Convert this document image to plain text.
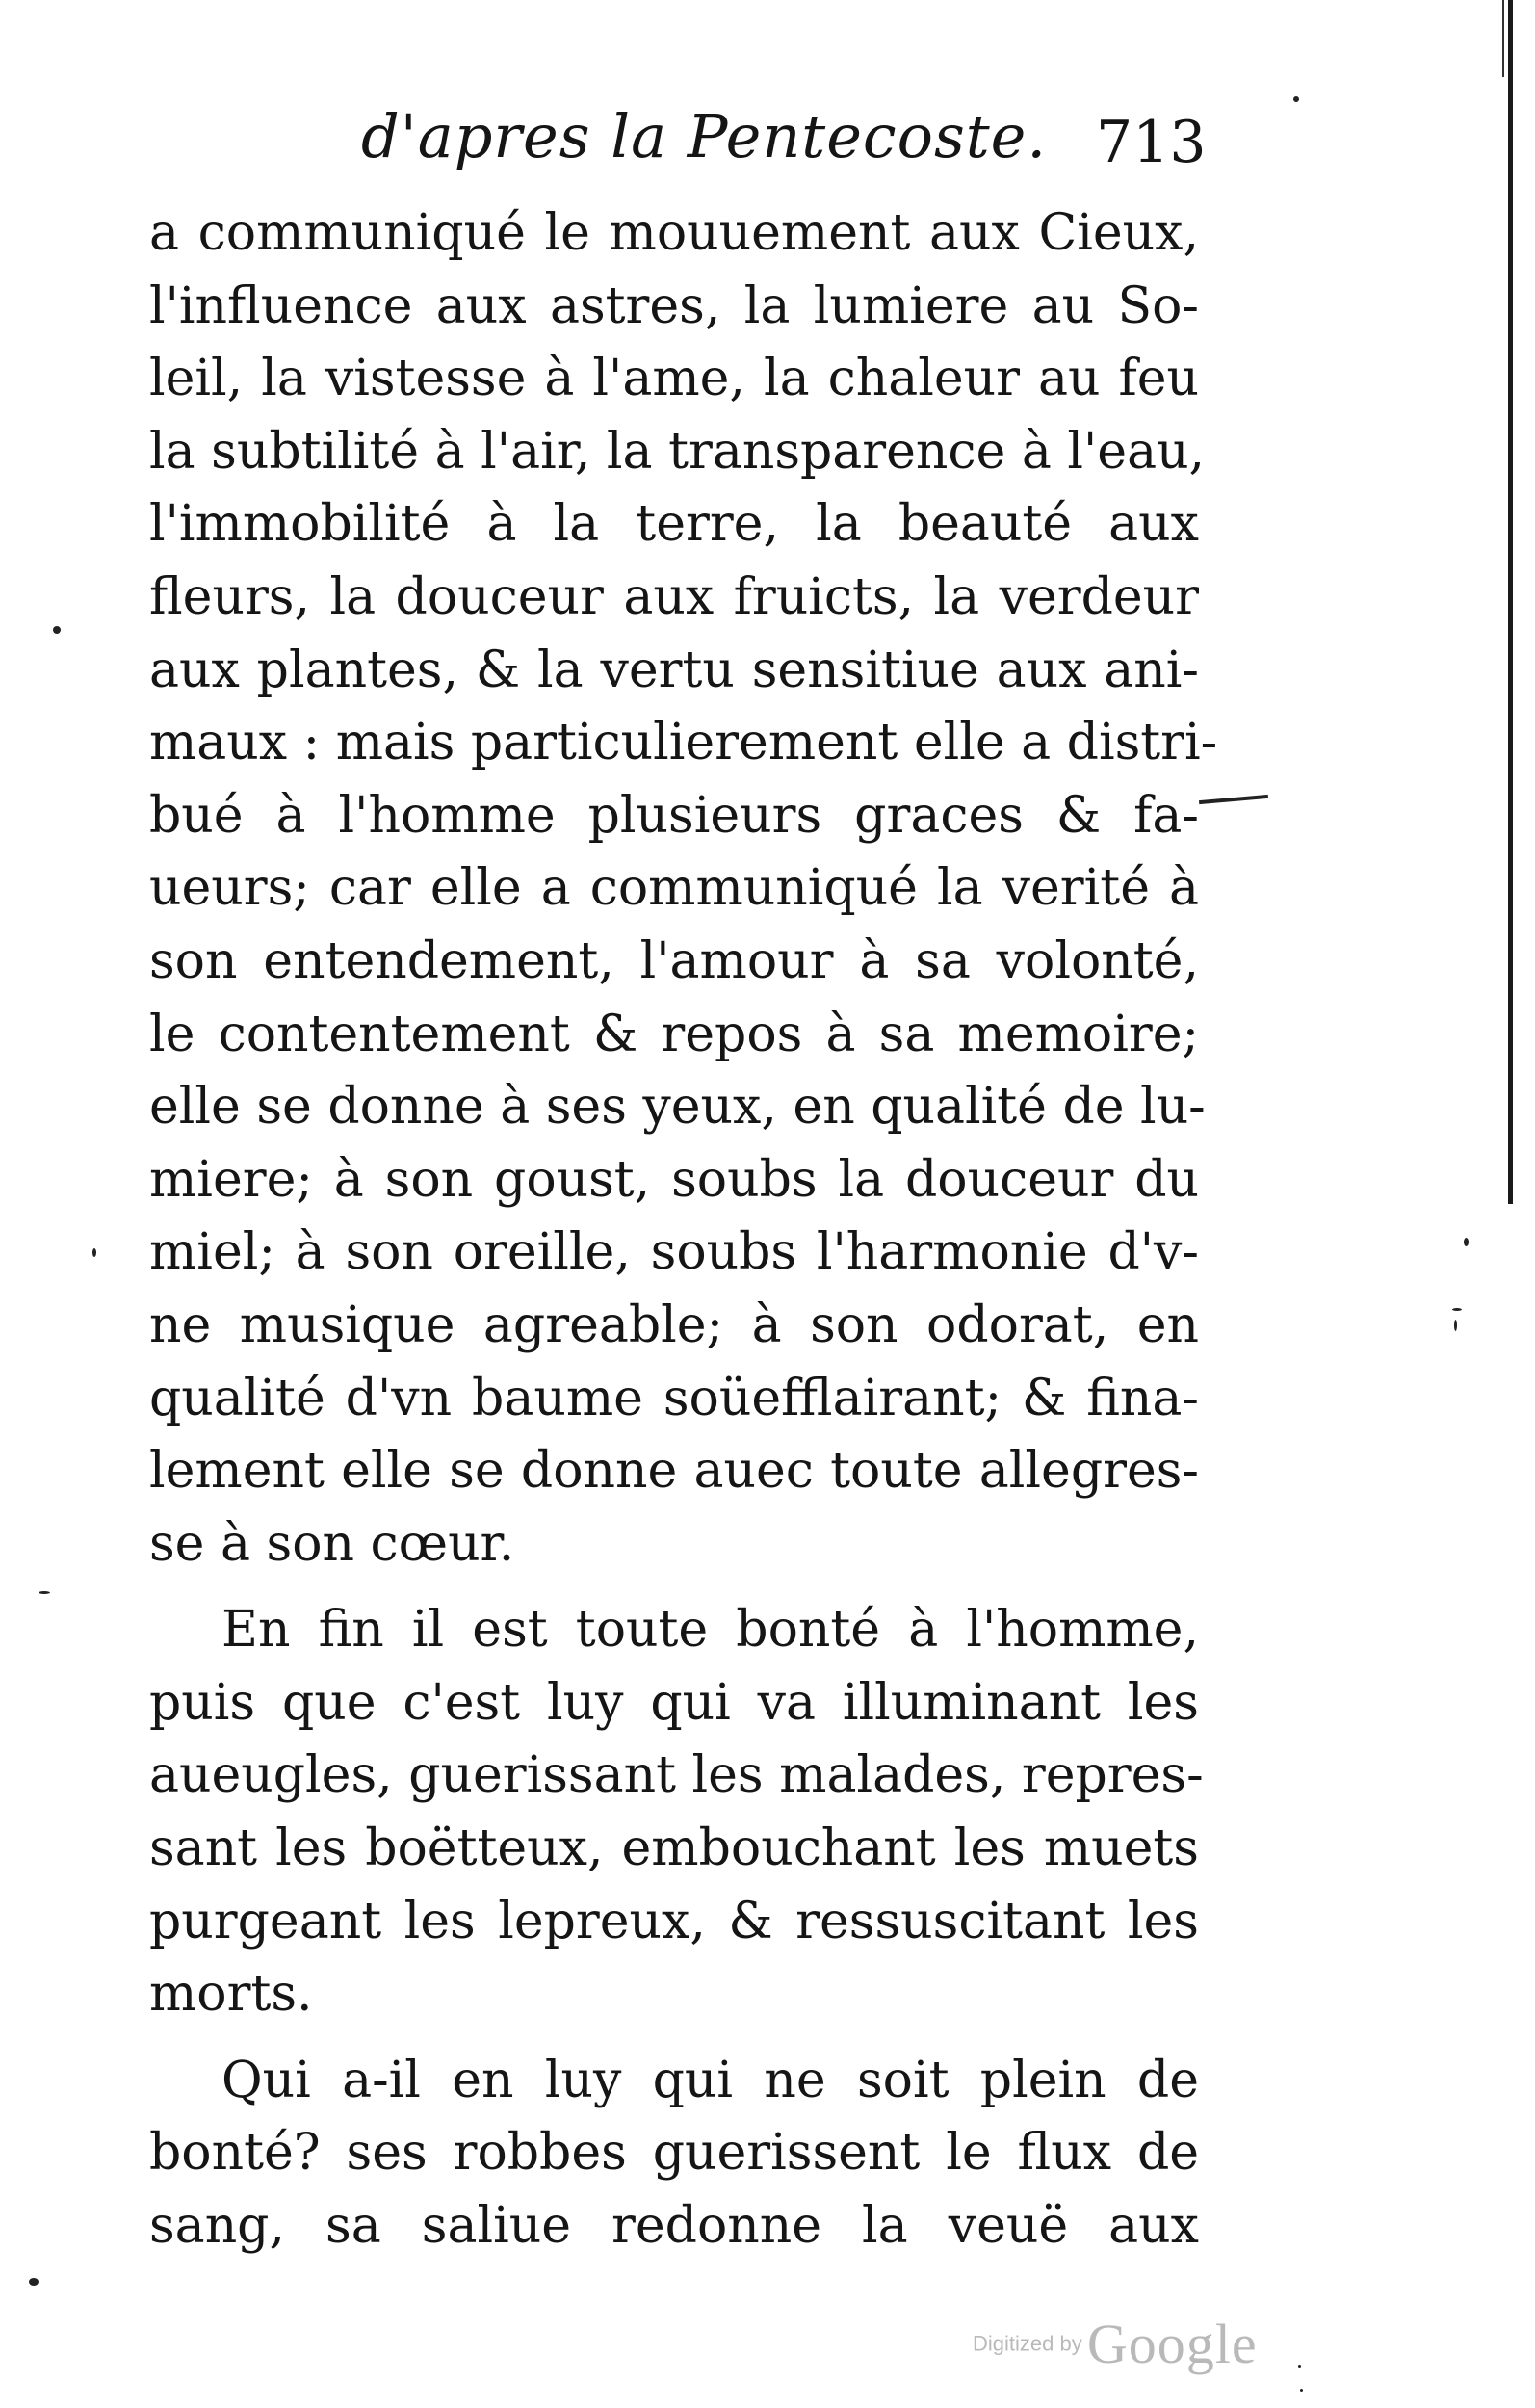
d'apres la Pentecoste. 713
a communiqué le mouuement aux Cieux,
l'influence aux astres, la lumiere au So-
leil, la vistesse à l'ame, la chaleur au feu
la subtilité à l'air, la transparence à l'eau,
l'immobilité à la terre, la beauté aux
fleurs, la douceur aux fruicts, la verdeur
aux plantes, & la vertu sensitiue aux ani-
maux : mais particulierement elle a distri-
bué à l'homme plusieurs graces & fa-
ueurs; car elle a communiqué la verité à
son entendement, l'amour à sa volonté,
le contentement & repos à sa memoire;
elle se donne à ses yeux, en qualité de lu-
miere; à son goust, soubs la douceur du
miel; à son oreille, soubs l'harmonie d'v-
ne musique agreable; à son odorat, en
qualité d'vn baume soüefflairant; & fina-
lement elle se donne auec toute allegres-
se à son cœur.
En fin il est toute bonté à l'homme,
puis que c'est luy qui va illuminant les
aueugles, guerissant les malades, repres-
sant les boëtteux, embouchant les muets
purgeant les lepreux, & ressuscitant les
morts.
Qui a-il en luy qui ne soit plein de
bonté? ses robbes guerissent le flux de
sang, sa saliue redonne la veuë aux
Digitized by Google
